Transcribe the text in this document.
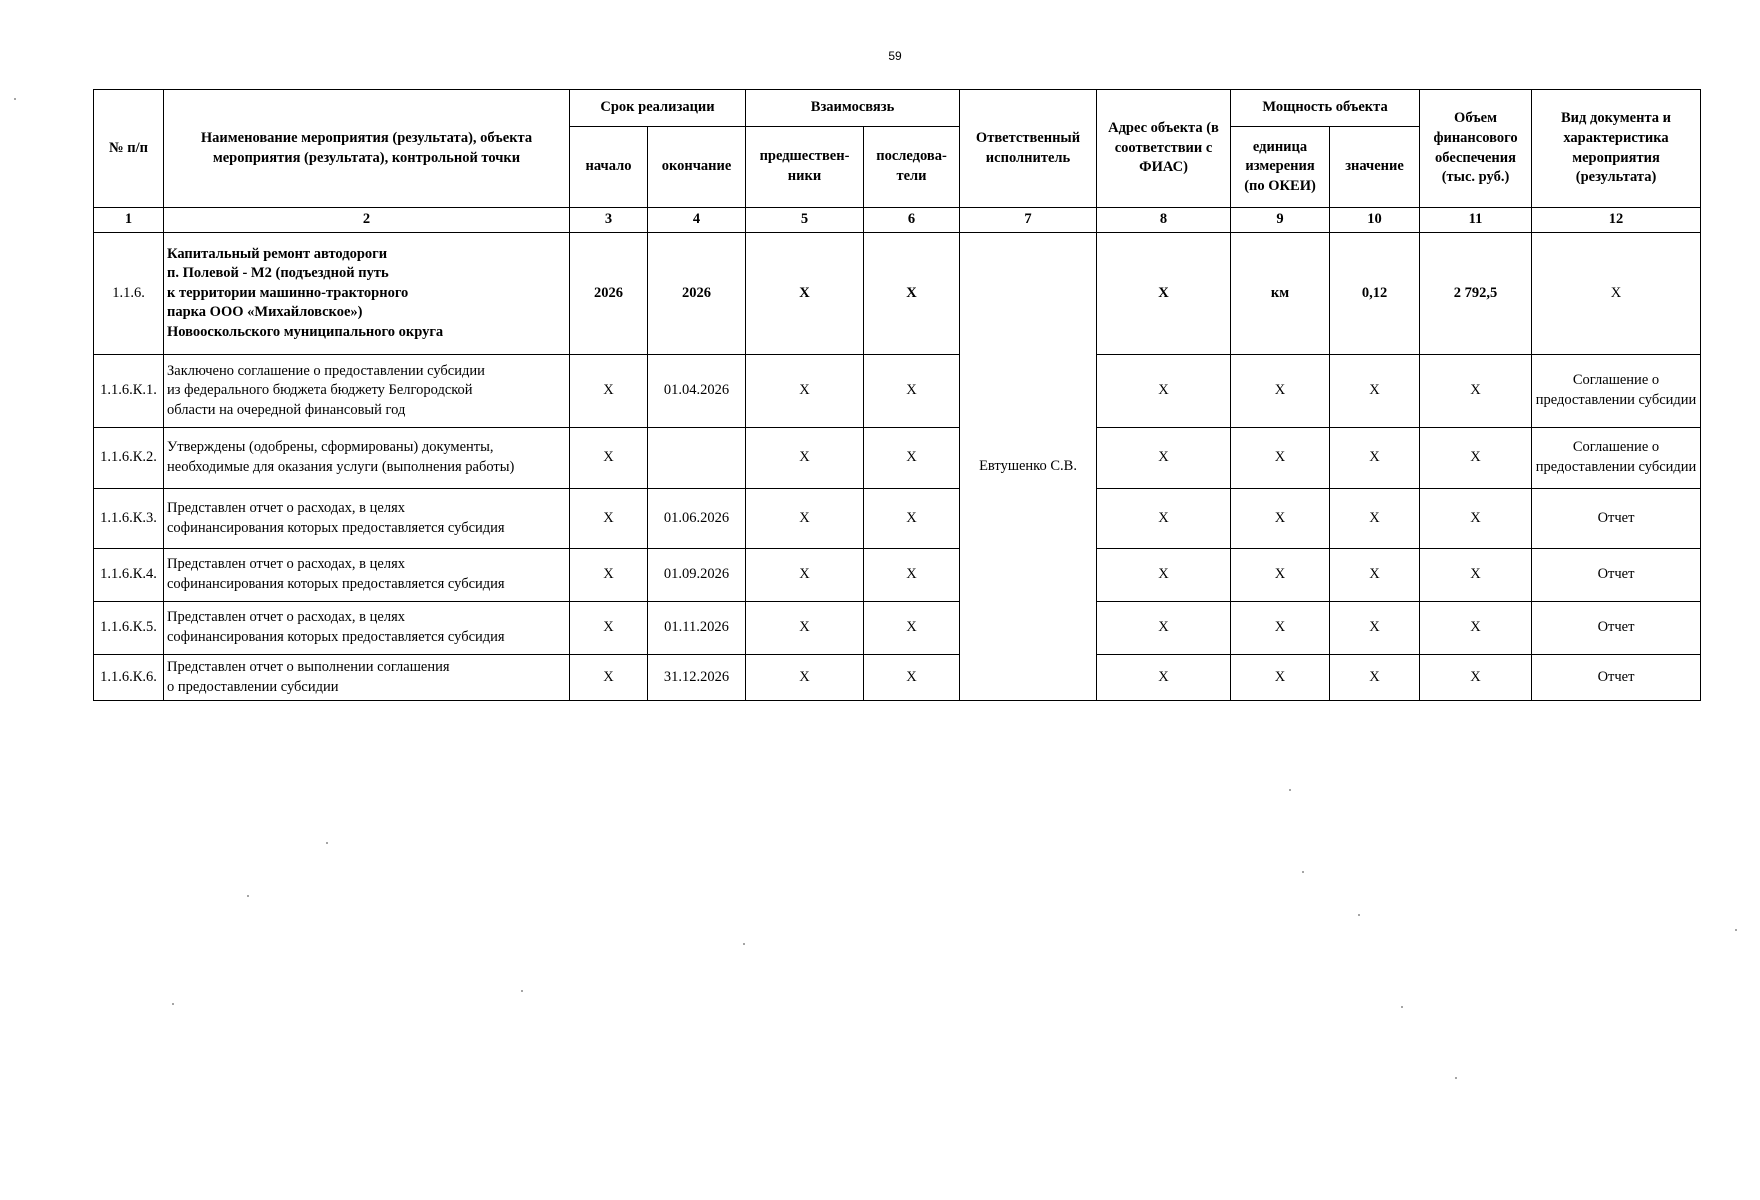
59
№ п/п	Наименование мероприятия (результата), объекта мероприятия (результата), контрольной точки	Срок реализации		Взаимосвязь		Ответственный исполнитель	Адрес объекта (в соответствии с ФИАС)	Мощность объекта		Объем финансового обеспечения (тыс. руб.)	Вид документа и характеристика мероприятия (результата)
		начало	окончание	предшествен-ники	последова-тели			единица измерения (по ОКЕИ)	значение		
1	2	3	4	5	6	7	8	9	10	11	12
1.1.6.	Капитальный ремонт автодороги
п. Полевой - М2 (подъездной путь
к территории машинно-тракторного
парка ООО «Михайловское»)
Новооскольского муниципального округа	2026	2026	X	X	Евтушенко С.В.	X	км	0,12	2 792,5	X
1.1.6.К.1.	Заключено соглашение о предоставлении субсидии
из федерального бюджета бюджету Белгородской
области на очередной финансовый год	X	01.04.2026	X	X		X	X	X	X	Соглашение о предоставлении субсидии
1.1.6.К.2.	Утверждены (одобрены, сформированы) документы,
необходимые для оказания услуги (выполнения работы)	X		X	X		X	X	X	X	Соглашение о предоставлении субсидии
1.1.6.К.3.	Представлен отчет о расходах, в целях
софинансирования которых предоставляется субсидия	X	01.06.2026	X	X		X	X	X	X	Отчет
1.1.6.К.4.	Представлен отчет о расходах, в целях
софинансирования которых предоставляется субсидия	X	01.09.2026	X	X		X	X	X	X	Отчет
1.1.6.К.5.	Представлен отчет о расходах, в целях
софинансирования которых предоставляется субсидия	X	01.11.2026	X	X		X	X	X	X	Отчет
1.1.6.К.6.	Представлен отчет о выполнении соглашения
о предоставлении субсидии	X	31.12.2026	X	X		X	X	X	X	Отчет
